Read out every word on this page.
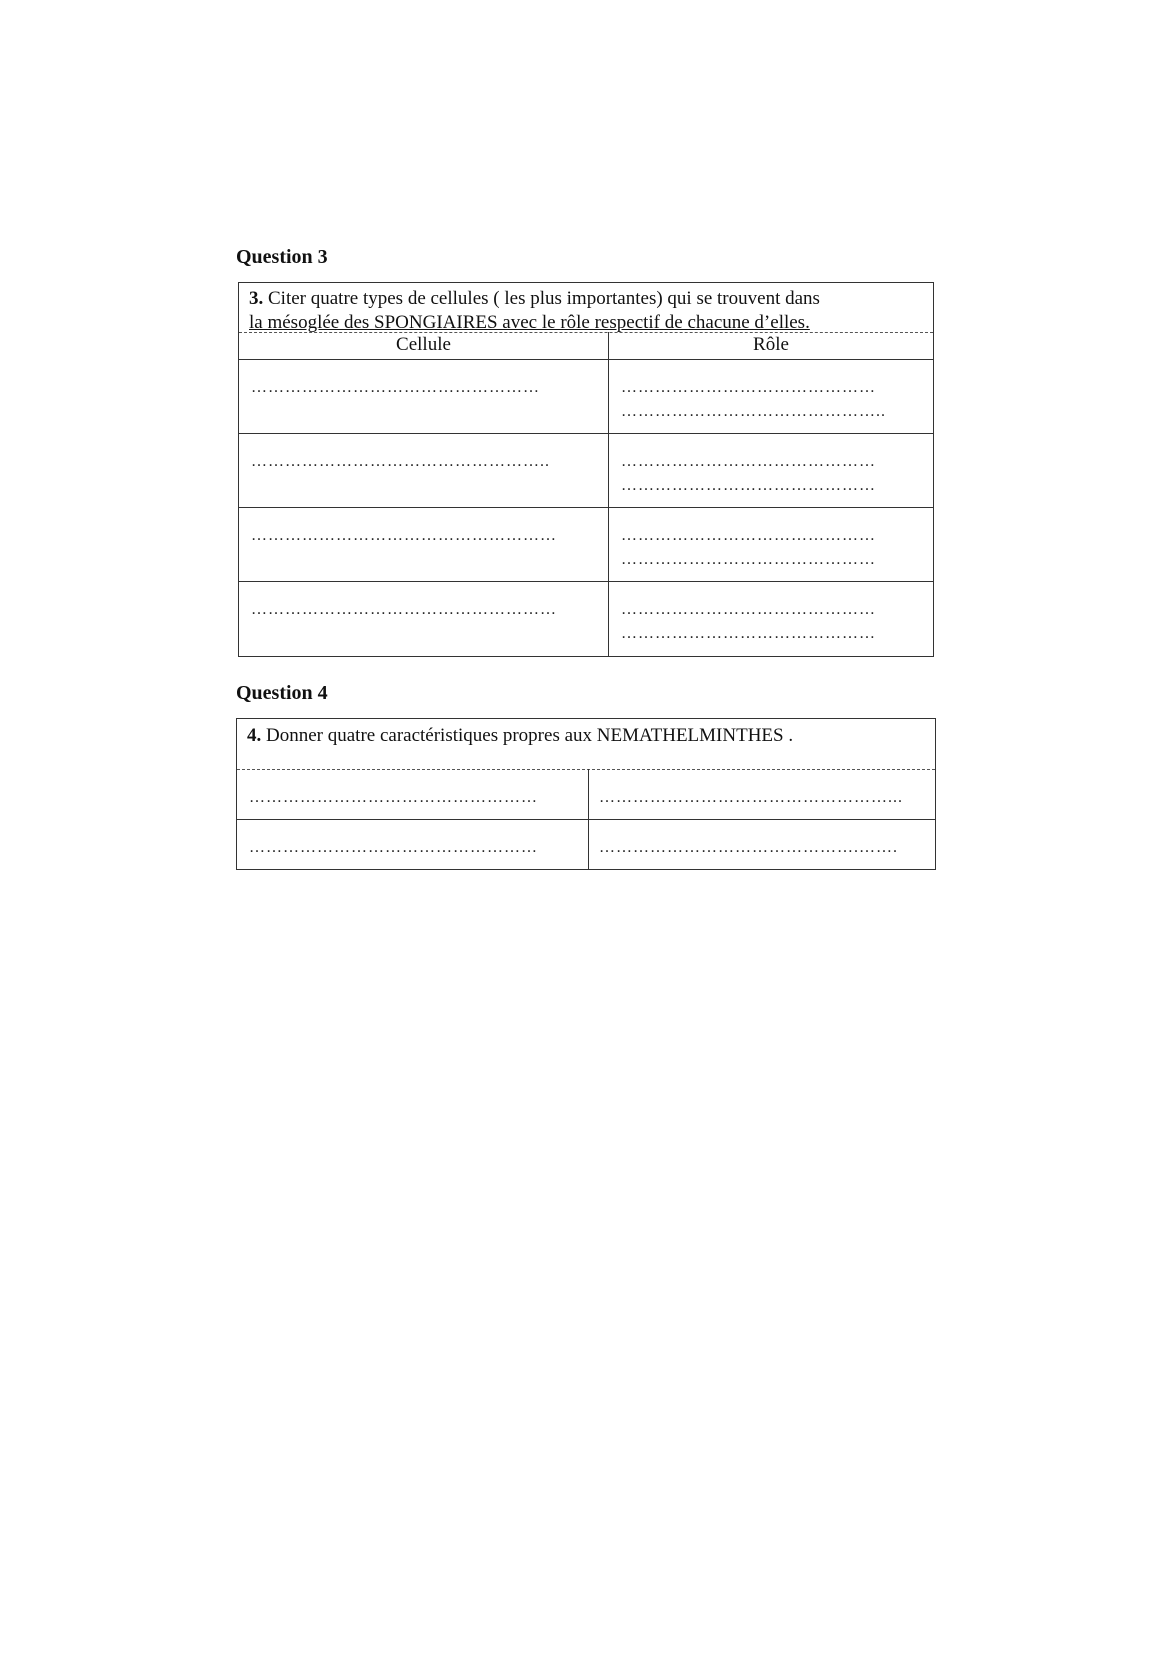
Question 3
3. Citer quatre types de cellules ( les plus importantes) qui se trouvent dans
la mésoglée des SPONGIAIRES avec le rôle respectif de chacune d’elles.
Cellule	Rôle
……………………………………………	………………………………………
………………………………………..
……………………………………………..	………………………………………
………………………………………
………………………………………………	………………………………………
………………………………………
………………………………………………	………………………………………
………………………………………
Question 4
4. Donner quatre caractéristiques propres aux NEMATHELMINTHES .
……………………………………………	……………………………………………...
……………………………………………	……………………………………….…….
